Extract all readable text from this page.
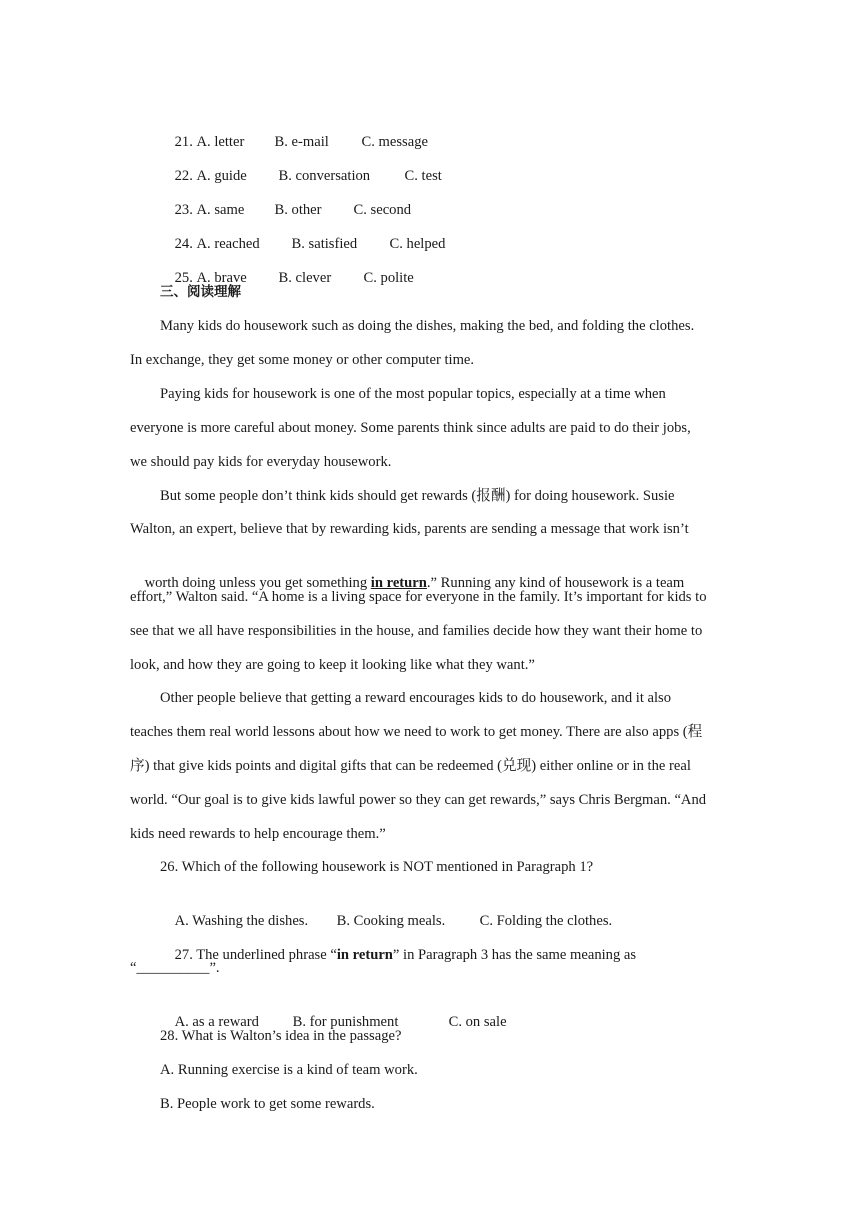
21. A. letter B. e-mail C. message

22. A. guide B. conversation C. test

23. A. same B. other C. second

24. A. reached B. satisfied C. helped

25. A. brave B. clever C. polite

三、阅读理解
Many kids do housework such as doing the dishes, making the bed, and folding the clothes.
In exchange, they get some money or other computer time.
Paying kids for housework is one of the most popular topics, especially at a time when
everyone is more careful about money. Some parents think since adults are paid to do their jobs,
we should pay kids for everyday housework.
But some people don’t think kids should get rewards (报酬) for doing housework. Susie
Walton, an expert, believe that by rewarding kids, parents are sending a message that work isn’t

worth doing unless you get something in return.” Running any kind of housework is a team

effort,” Walton said. “A home is a living space for everyone in the family. It’s important for kids to
see that we all have responsibilities in the house, and families decide how they want their home to
look, and how they are going to keep it looking like what they want.”
Other people believe that getting a reward encourages kids to do housework, and it also
teaches them real world lessons about how we need to work to get money. There are also apps (程
序) that give kids points and digital gifts that can be redeemed (兑现) either online or in the real
world. “Our goal is to give kids lawful power so they can get rewards,” says Chris Bergman. “And
kids need rewards to help encourage them.”
26. Which of the following housework is NOT mentioned in Paragraph 1?

A. Washing the dishes. B. Cooking meals. C. Folding the clothes.

27. The underlined phrase “in return” in Paragraph 3 has the same meaning as

“__________”.

A. as a reward B. for punishment	C. on sale

28. What is Walton’s idea in the passage?
A. Running exercise is a kind of team work.
B. People work to get some rewards.
